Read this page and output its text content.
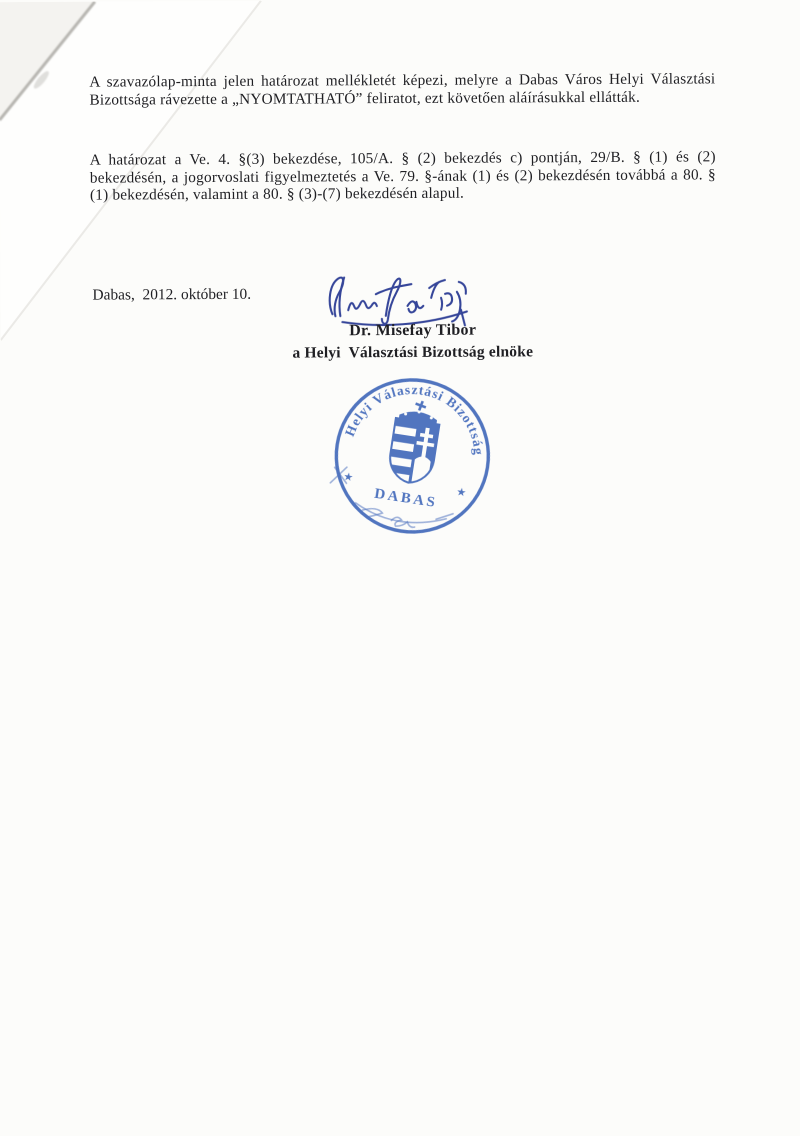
A szavazólap-minta jelen határozat mellékletét képezi, melyre a Dabas Város Helyi Választási Bizottsága rávezette a „NYOMTATHATÓ” feliratot, ezt követően aláírásukkal ellátták.

A határozat a Ve. 4. §(3) bekezdése, 105/A. § (2) bekezdés c) pontján, 29/B. § (1) és (2) bekezdésén, a jogorvoslati figyelmeztetés a Ve. 79. §-ának (1) és (2) bekezdésén továbbá a 80. § (1) bekezdésén, valamint a 80. § (3)-(7) bekezdésén alapul.

Dabas,  2012. október 10.

Dr. Misefay Tibor

a Helyi  Választási Bizottság elnöke

Helyi Választási Bizottság
★
★
DABAS
